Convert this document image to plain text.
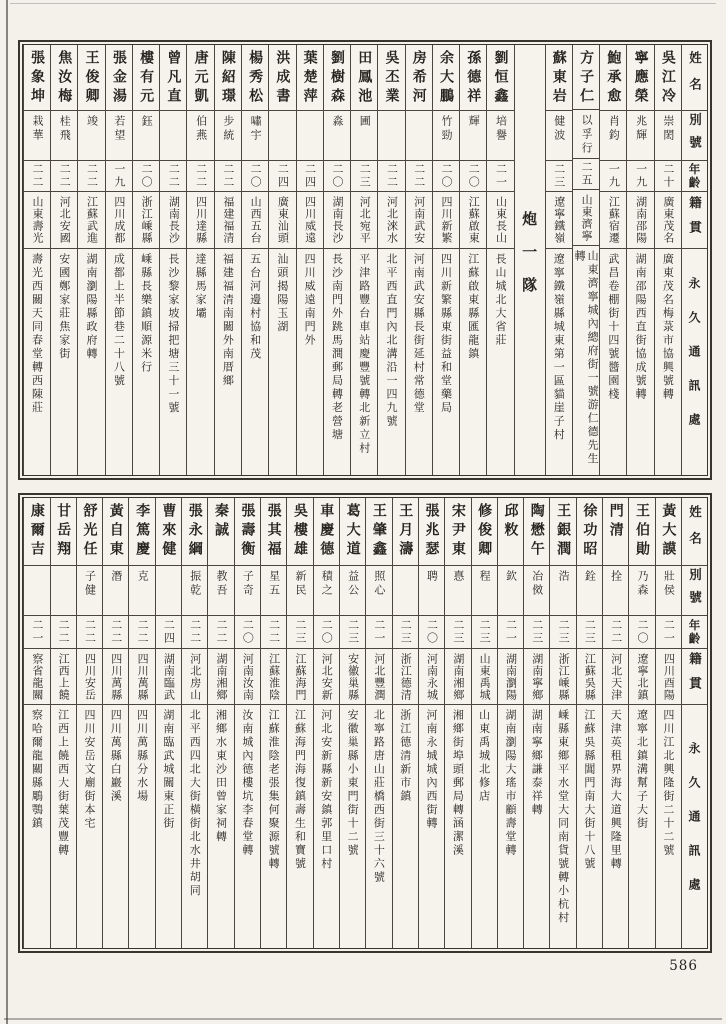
姓名
別號
年齡
籍貫
永久通訊處
吳江冷
崇閎
二十
廣東茂名
廣東茂名梅菉市協興號轉
寧應榮
兆輝
一九
湖南邵陽
湖南邵陽西直街協成號轉
鮑承愈
肖鈞
一九
江蘇宿遷
武昌卷棚街十四號醬園棧
方子仁
以孚行
二五
山東濟寧
山東濟寧城內總府街一號游仁德先生轉
蘇東岩
健波
二三
遼寧鐵嶺
遼寧鐵嶺縣城東第一區貓崖子村
炮一隊
劉恒鑫
培譽
二一
山東長山
長山城北大省莊
孫德祥
輝
二〇
江蘇啟東
江蘇啟東縣匯龍鎮
余大鵬
竹勁
二〇
四川新繁
四川新繁縣東街益和堂藥局
房希河
二二
河南武安
河南武安縣長街延村常德堂
吳丕業
二二
河北淶水
北平西直門內北溝沿一四九號
田鳳池
圃
二三
河北宛平
平津路豐台車站慶豐號轉北新立村
劉樹森
淼
二〇
湖南長沙
長沙南門外跳馬澗郵局轉老營塘
葉楚萍
二四
四川威遠
四川威遠南門外
洪成書
二四
廣東汕頭
汕頭揭陽玉湖
楊秀松
嘯宇
二〇
山西五台
五台河邊村協和茂
陳紹璟
步統
二二
福建福清
福建福清南關外南厝鄉
唐元凱
伯燕
二二
四川達縣
達縣馬家壩
曾凡直
二二
湖南長沙
長沙黎家坡掃把塘三十一號
樓有元
鈺
二〇
浙江嵊縣
嵊縣長樂鎮順源米行
張金湯
若望
一九
四川成都
成都上半節巷二十八號
王俊卿
竣
二二
江蘇武進
湖南瀏陽縣政府轉
焦汝梅
桂飛
二二
河北安國
安國鄭家莊焦家街
張象坤
栽華
二二
山東壽光
壽光西關天同春堂轉西陳莊
姓名
別號
年齡
籍貫
永久通訊處
黃大謨
壯侯
二一
四川酉陽
四川江北興隆街二十二號
王伯勛
乃森
二〇
遼寧北鎮
遼寧北鎮溝幫子大街
門清
拴
二二
河北天津
天津英租界海大道興隆里轉
徐功昭
銓
二三
江蘇吳縣
江蘇吳縣閶門南大街十八號
王銀潤
浩
二三
浙江嵊縣
嵊縣東鄉平水堂大同南貨號轉小杭村
陶懋午
冶傚
二三
湖南寧鄉
湖南寧鄉謙泰祥轉
邱敉
欽
二一
湖南瀏陽
湖南瀏陽大瑤市顧壽堂轉
修俊卿
程
二三
山東禹城
山東禹城北修店
宋尹東
惪
二三
湖南湘鄉
湘鄉街埠頭郵局轉涵潔溪
張兆瑟
聘
二〇
河南永城
河南永城城內西街轉
王月濤
二三
浙江德清
浙江德清新市鎮
王肇鑫
照心
二一
河北豐潤
北寧路唐山莊橋西街三十六號
葛大道
益公
二三
安徽巢縣
安徽巢縣小東門街十二號
車慶德
積之
二〇
河北安新
河北安新縣新安鎮郭里口村
吳樓雄
新民
二三
江蘇海門
江蘇海門海復鎮壽生和寶號
張其福
星五
二二
江蘇淮陰
江蘇淮陰老張集何聚源號轉
張壽衡
子奇
二〇
河南汝南
汝南城內德樓坑李春堂轉
秦誠
教吾
二二
湖南湘鄉
湘鄉水東沙田曾家祠轉
張永綱
振乾
二二
河北房山
北平西四北大街橫街北水井胡同
曹來健
二四
湖南臨武
湖南臨武城關東正街
李篤慶
克
二二
四川萬縣
四川萬縣分水場
黃自東
潛
二二
四川萬縣
四川萬縣白巖溪
舒光任
子健
二二
四川安岳
四川安岳文廟街本宅
甘岳翔
二二
江西上饒
江西上饒西大街葉茂豐轉
康爾吉
二一
察省龍關
察哈爾龍關縣鵰鶚鎮
586
